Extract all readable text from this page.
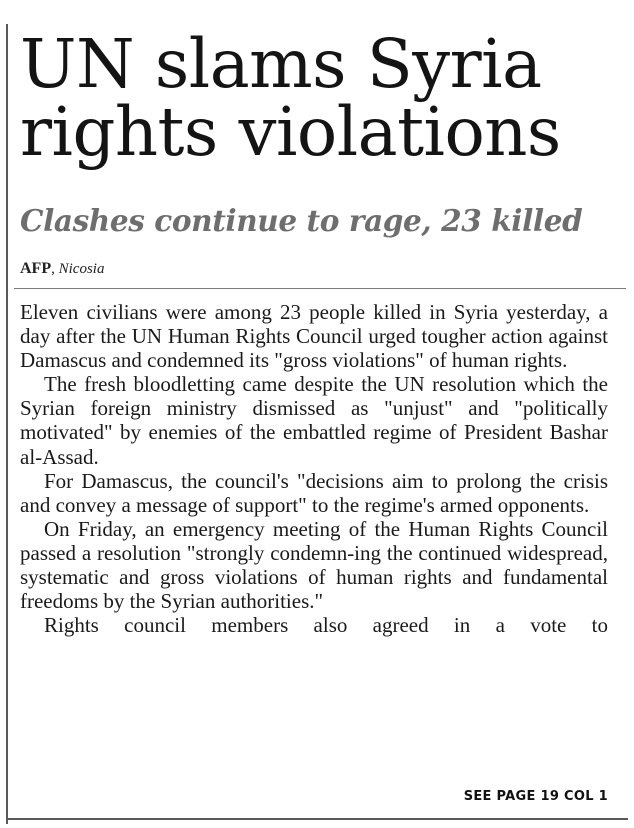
UN slams Syria
rights violations
Clashes continue to rage, 23 killed
AFP, Nicosia

Eleven civilians were among 23 people killed in Syria yesterday, a day after the UN Human Rights Council urged tougher action against Damascus and condemned its "gross violations" of human rights.

The fresh bloodletting came despite the UN resolution which the Syrian foreign ministry dismissed as "unjust" and "politically motivated" by enemies of the embattled regime of President Bashar al-Assad.

For Damascus, the council's "decisions aim to prolong the crisis and convey a message of support" to the regime's armed opponents.

On Friday, an emergency meeting of the Human Rights Council passed a resolution "strongly condemn-ing the continued widespread, systematic and gross violations of human rights and fundamental freedoms by the Syrian authorities."

Rights council members also agreed in a vote to

SEE PAGE 19 COL 1
